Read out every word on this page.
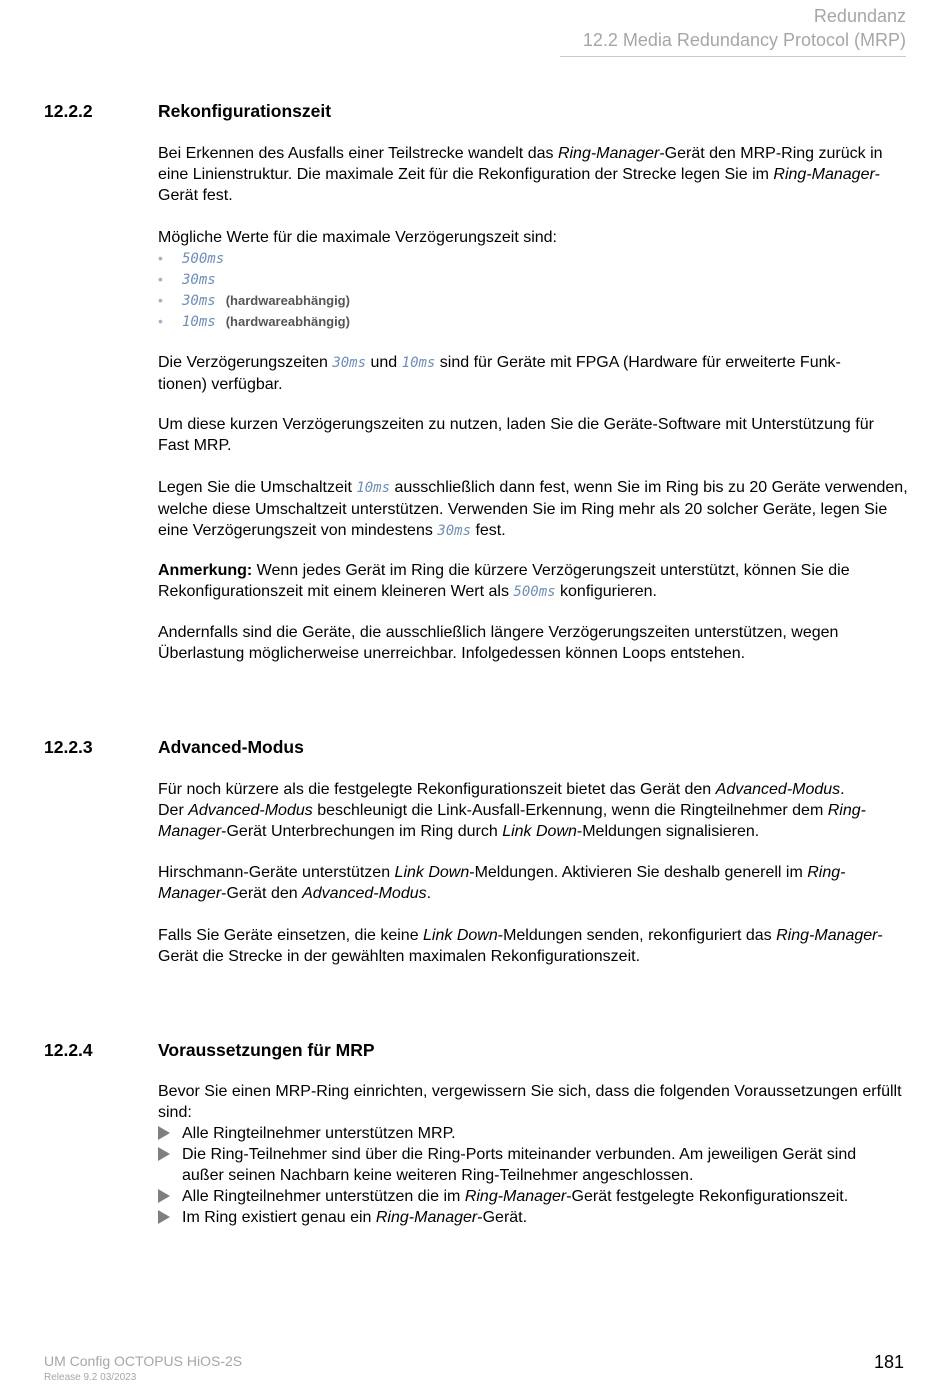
Redundanz
12.2 Media Redundancy Protocol (MRP)
12.2.2	Rekonfigurationszeit
Bei Erkennen des Ausfalls einer Teilstrecke wandelt das Ring-Manager-Gerät den MRP-Ring zurück in eine Linienstruktur. Die maximale Zeit für die Rekonfiguration der Strecke legen Sie im Ring-Manager-Gerät fest.
Mögliche Werte für die maximale Verzögerungszeit sind:
• 500ms
• 30ms
• 30ms (hardwareabhängig)
• 10ms (hardwareabhängig)
Die Verzögerungszeiten 30ms und 10ms sind für Geräte mit FPGA (Hardware für erweiterte Funk-
tionen) verfügbar.
Um diese kurzen Verzögerungszeiten zu nutzen, laden Sie die Geräte-Software mit Unterstützung für Fast MRP.
Legen Sie die Umschaltzeit 10ms ausschließlich dann fest, wenn Sie im Ring bis zu 20 Geräte verwenden, welche diese Umschaltzeit unterstützen. Verwenden Sie im Ring mehr als 20 solcher Geräte, legen Sie eine Verzögerungszeit von mindestens 30ms fest.
Anmerkung: Wenn jedes Gerät im Ring die kürzere Verzögerungszeit unterstützt, können Sie die Rekonfigurationszeit mit einem kleineren Wert als 500ms konfigurieren.
Andernfalls sind die Geräte, die ausschließlich längere Verzögerungszeiten unterstützen, wegen Überlastung möglicherweise unerreichbar. Infolgedessen können Loops entstehen.
12.2.3	Advanced-Modus
Für noch kürzere als die festgelegte Rekonfigurationszeit bietet das Gerät den Advanced-Modus.
Der Advanced-Modus beschleunigt die Link-Ausfall-Erkennung, wenn die Ringteilnehmer dem Ring-Manager-Gerät Unterbrechungen im Ring durch Link Down-Meldungen signalisieren.
Hirschmann-Geräte unterstützen Link Down-Meldungen. Aktivieren Sie deshalb generell im Ring-Manager-Gerät den Advanced-Modus.
Falls Sie Geräte einsetzen, die keine Link Down-Meldungen senden, rekonfiguriert das Ring-Manager-Gerät die Strecke in der gewählten maximalen Rekonfigurationszeit.
12.2.4	Voraussetzungen für MRP
Bevor Sie einen MRP-Ring einrichten, vergewissern Sie sich, dass die folgenden Voraussetzungen erfüllt sind:
Alle Ringteilnehmer unterstützen MRP.
Die Ring-Teilnehmer sind über die Ring-Ports miteinander verbunden. Am jeweiligen Gerät sind
außer seinen Nachbarn keine weiteren Ring-Teilnehmer angeschlossen.
Alle Ringteilnehmer unterstützen die im Ring-Manager-Gerät festgelegte Rekonfigurationszeit.
Im Ring existiert genau ein Ring-Manager-Gerät.
UM Config OCTOPUS HiOS-2S
Release 9.2 03/2023
181
